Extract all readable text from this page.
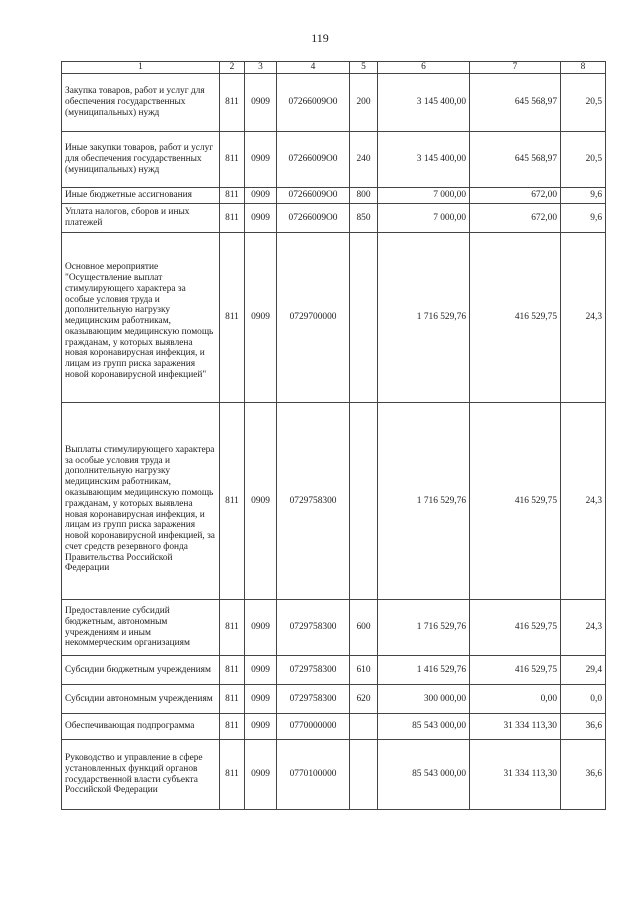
119
1	2	3	4	5	6	7	8
Закупка товаров, работ и услуг для обеспечения государственных (муниципальных) нужд	811	0909	07266009О0	200	3 145 400,00	645 568,97	20,5
Иные закупки товаров, работ и услуг для обеспечения государственных (муниципальных) нужд	811	0909	07266009О0	240	3 145 400,00	645 568,97	20,5
Иные бюджетные ассигнования	811	0909	07266009О0	800	7 000,00	672,00	9,6
Уплата налогов, сборов и иных платежей	811	0909	07266009О0	850	7 000,00	672,00	9,6
Основное мероприятие "Осуществление выплат стимулирующего характера за особые условия труда и дополнительную нагрузку медицинским работникам, оказывающим медицинскую помощь гражданам, у которых выявлена новая коронавирусная инфекция, и лицам из групп риска заражения новой коронавирусной инфекцией"	811	0909	0729700000		1 716 529,76	416 529,75	24,3
Выплаты стимулирующего характера за особые условия труда и дополнительную нагрузку медицинским работникам, оказывающим медицинскую помощь гражданам, у которых выявлена новая коронавирусная инфекция, и лицам из групп риска заражения новой коронавирусной инфекцией, за счет средств резервного фонда Правительства Российской Федерации	811	0909	0729758300		1 716 529,76	416 529,75	24,3
Предоставление субсидий бюджетным, автономным учреждениям и иным некоммерческим организациям	811	0909	0729758300	600	1 716 529,76	416 529,75	24,3
Субсидии бюджетным учреждениям	811	0909	0729758300	610	1 416 529,76	416 529,75	29,4
Субсидии автономным учреждениям	811	0909	0729758300	620	300 000,00	0,00	0,0
Обеспечивающая подпрограмма	811	0909	0770000000		85 543 000,00	31 334 113,30	36,6
Руководство и управление в сфере установленных функций органов государственной власти субъекта Российской Федерации	811	0909	0770100000		85 543 000,00	31 334 113,30	36,6
